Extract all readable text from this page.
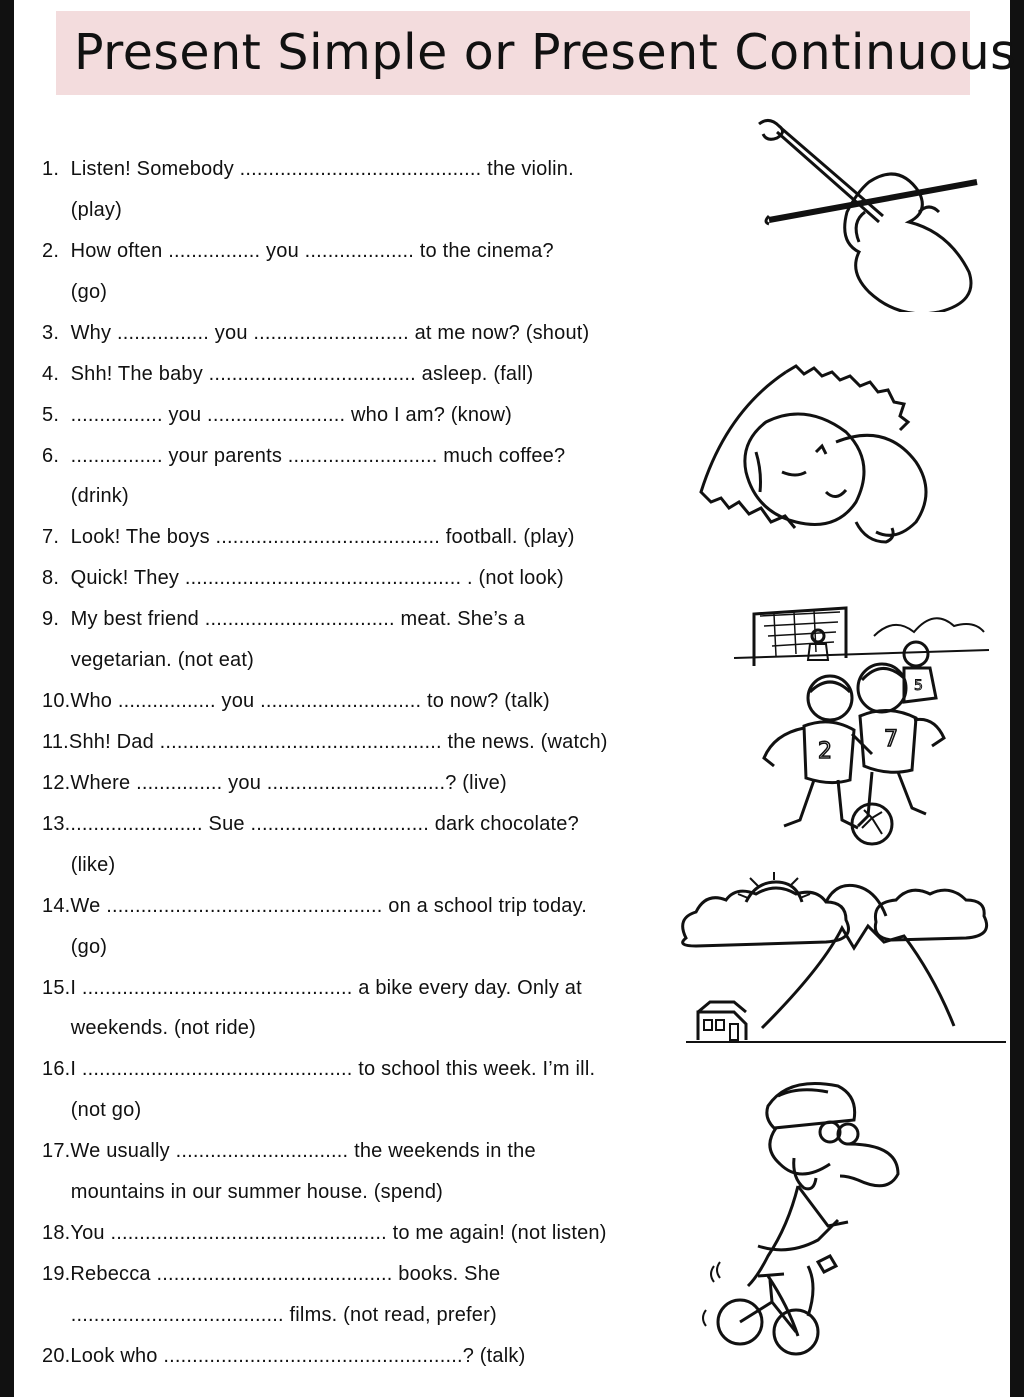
Present Simple or Present Continuous
1.  Listen! Somebody .......................................... the violin.
(play)
2.  How often ................ you ................... to the cinema?
(go)
3.  Why ................ you ........................... at me now? (shout)
4.  Shh! The baby .................................... asleep. (fall)
5.  ................ you ........................ who I am? (know)
6.  ................ your parents .......................... much coffee?
(drink)
7.  Look! The boys ....................................... football. (play)
8.  Quick! They ................................................ . (not look)
9.  My best friend ................................. meat. She’s a
vegetarian. (not eat)
10.Who ................. you ............................ to now? (talk)
11.Shh! Dad ................................................. the news. (watch)
12.Where ............... you ...............................? (live)
13........................ Sue ............................... dark chocolate?
(like)
14.We ................................................ on a school trip today.
(go)
15.I ............................................... a bike every day. Only at
weekends. (not ride)
16.I ............................................... to school this week. I’m ill.
(not go)
17.We usually .............................. the weekends in the
mountains in our summer house. (spend)
18.You ................................................ to me again! (not listen)
19.Rebecca ......................................... books. She
..................................... films. (not read, prefer)
20.Look who ....................................................? (talk)
2 7
5
